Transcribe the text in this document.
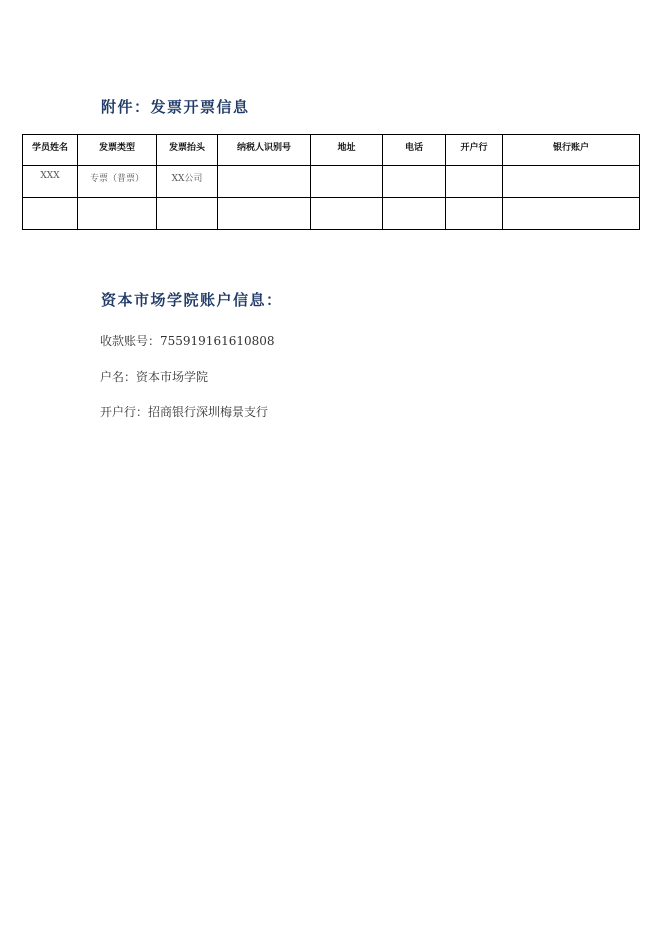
附件：发票开票信息
学员姓名	发票类型	发票抬头	纳税人识别号	地址	电话	开户行	银行账户
XXX	专票（普票）	XX公司					

资本市场学院账户信息：

收款账号：755919161610808

户名：资本市场学院

开户行：招商银行深圳梅景支行
